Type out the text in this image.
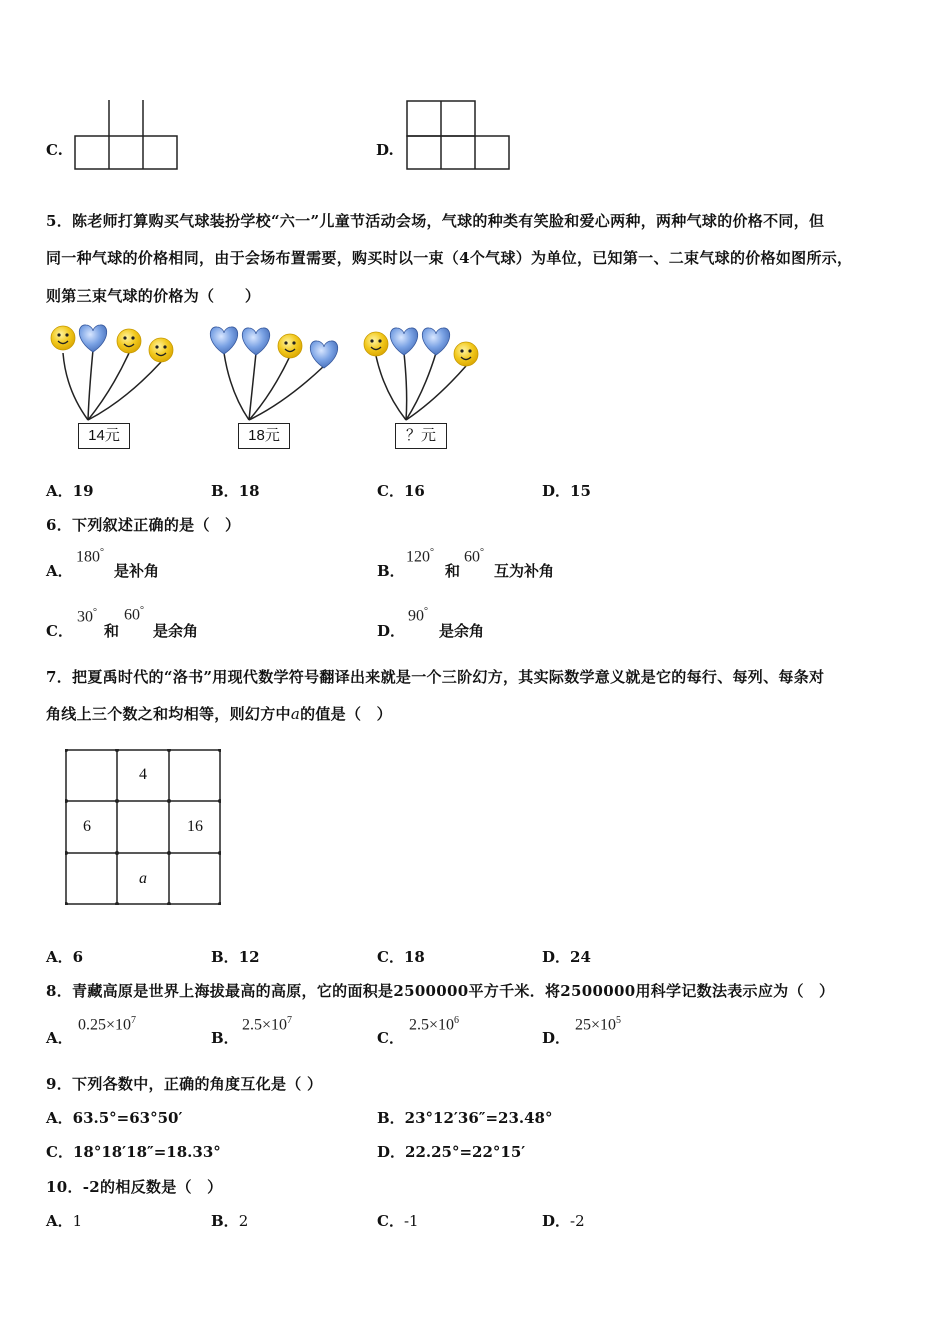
C.	D.
5．陈老师打算购买气球装扮学校“六一”儿童节活动会场，气球的种类有笑脸和爱心两种，两种气球的价格不同，但
同一种气球的价格相同，由于会场布置需要，购买时以一束（4个气球）为单位，已知第一、二束气球的价格如图所示，
则第三束气球的价格为（　　）
14元	18元	？元
A．19	B．18	C．16	D．15
6．下列叙述正确的是（　）
A．
180°
是补角	B．
120°
和
60°
互为补角
C．
30°
和
60°
是余角	D．
90°
是余角
7．把夏禹时代的“洛书”用现代数学符号翻译出来就是一个三阶幻方，其实际数学意义就是它的每行、每列、每条对
角线上三个数之和均相等，则幻方中a的值是（　）
4
6	16
a
A．6	B．12	C．18	D．24
8．青藏高原是世界上海拔最高的高原，它的面积是2500000平方千米．将2500000用科学记数法表示应为（　）
A．
$0.25\times 10^7$
B．
$2.5\times 10^7$
C．
$2.5\times 10^6$
D．
$25\times 10^5$
9．下列各数中，正确的角度互化是（ ）
A．63.5°=63°50′	B．23°12′36″=23.48°
C．18°18′18″=18.33°	D．22.25°=22°15′
10．-2的相反数是（　）
A．1	B．2	C．-1	D．-2
